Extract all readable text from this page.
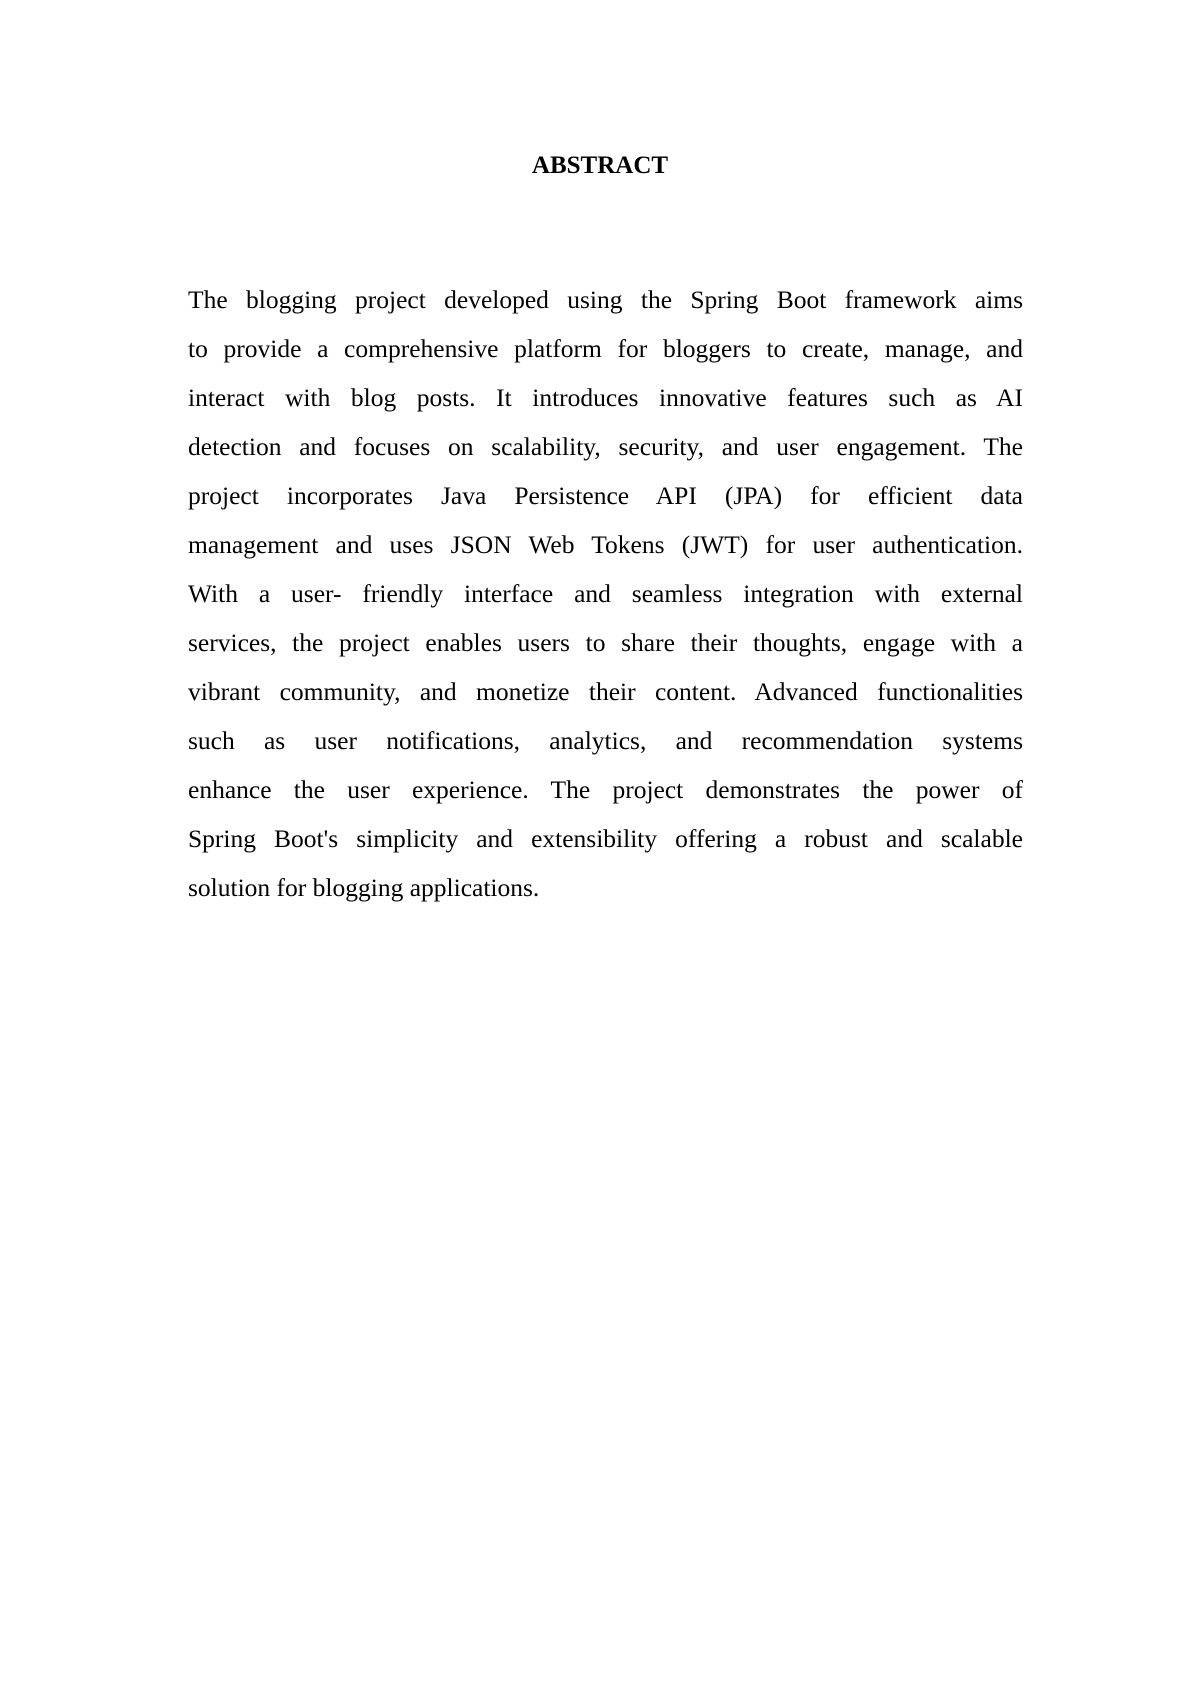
ABSTRACT
The blogging project developed using the Spring Boot framework aims
to provide a comprehensive platform for bloggers to create, manage, and
interact with blog posts. It introduces innovative features such as AI
detection and focuses on scalability, security, and user engagement. The
project incorporates Java Persistence API (JPA) for efficient data
management and uses JSON Web Tokens (JWT) for user authentication.
With a user- friendly interface and seamless integration with external
services, the project enables users to share their thoughts, engage with a
vibrant community, and monetize their content. Advanced functionalities
such as user notifications, analytics, and recommendation systems
enhance the user experience. The project demonstrates the power of
Spring Boot's simplicity and extensibility offering a robust and scalable
solution for blogging applications.
